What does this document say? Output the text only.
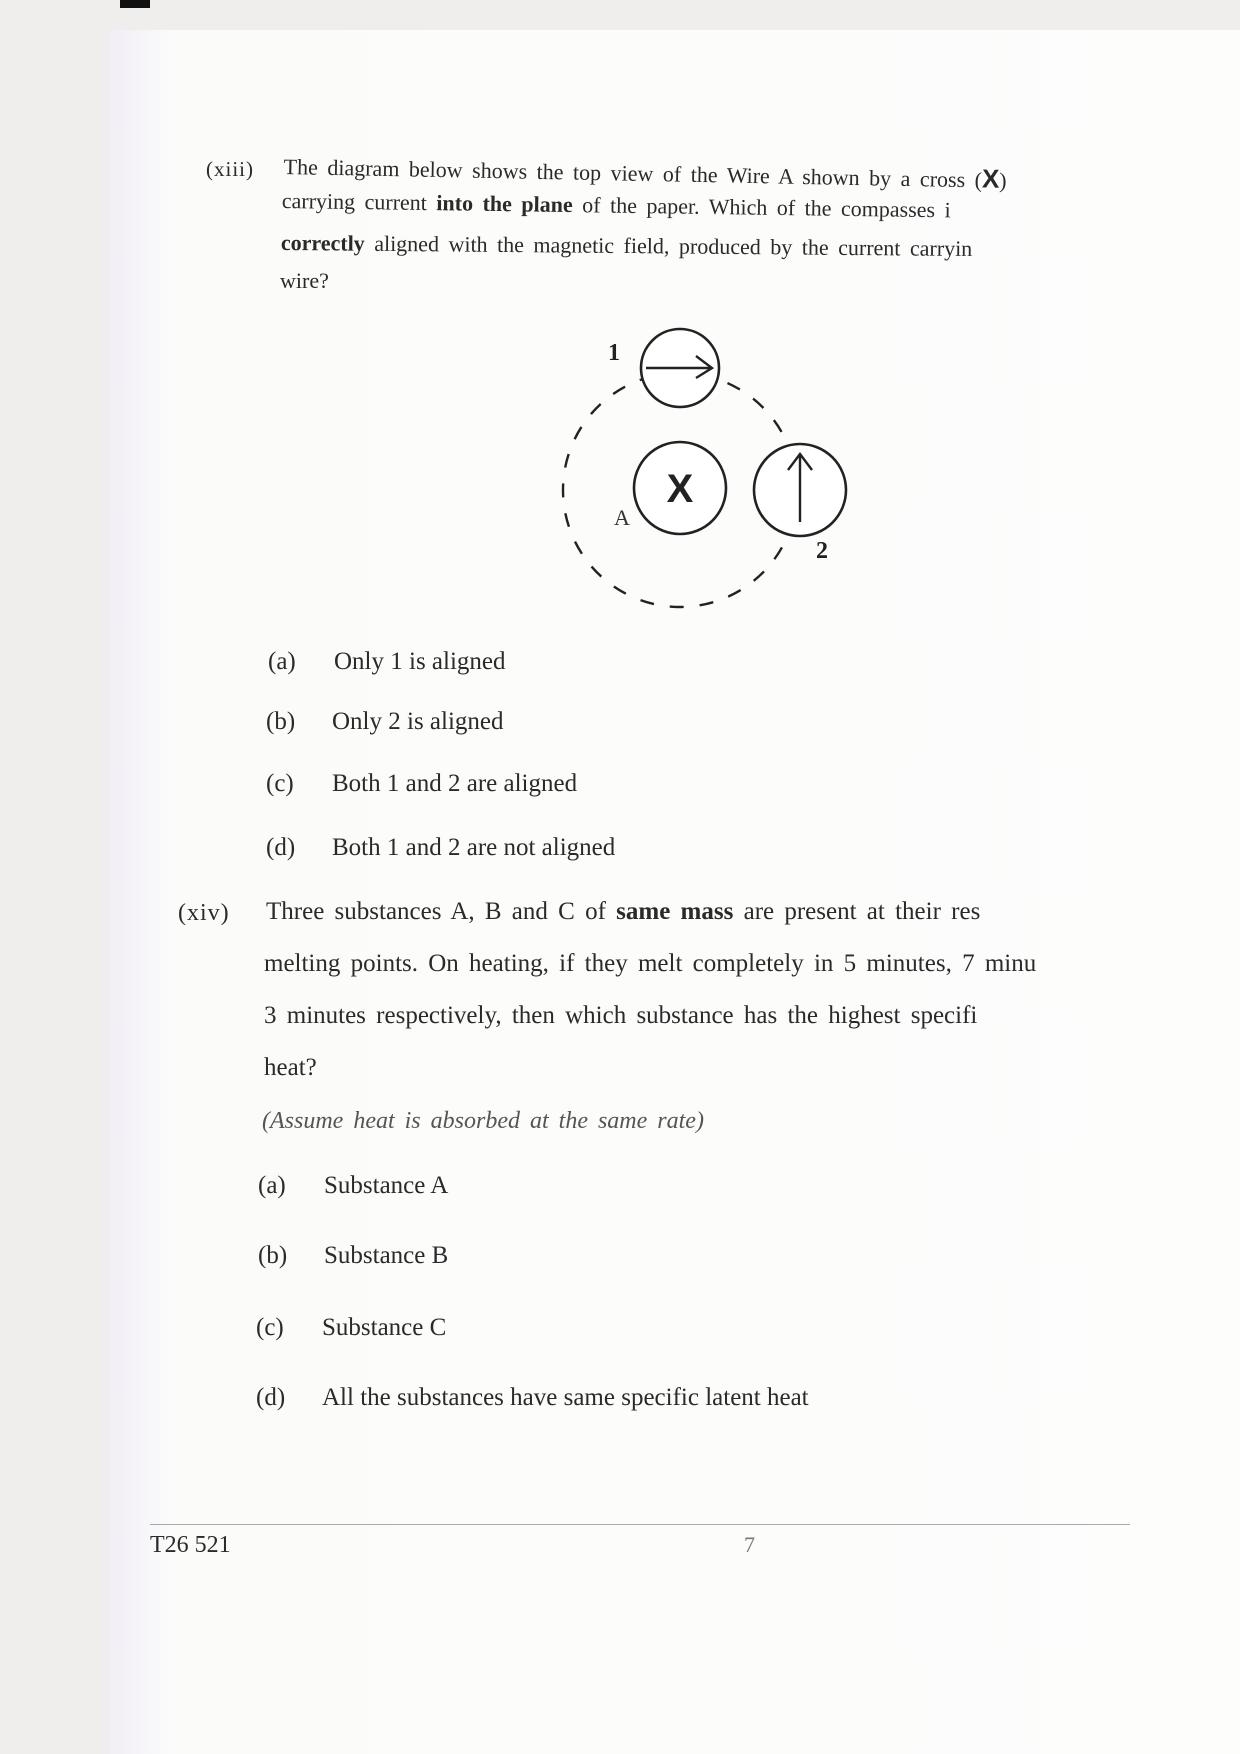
(xiii) The diagram below shows the top view of the Wire A shown by a cross (X)
carrying current into the plane of the paper. Which of the compasses i
correctly aligned with the magnetic field, produced by the current carryin
wire?
1
X
A
2
(a) Only 1 is aligned
(b) Only 2 is aligned
(c) Both 1 and 2 are aligned
(d) Both 1 and 2 are not aligned
(xiv) Three substances A, B and C of same mass are present at their res
melting points. On heating, if they melt completely in 5 minutes, 7 minu
3 minutes respectively, then which substance has the highest specifi
heat?
(Assume heat is absorbed at the same rate)
(a) Substance A
(b) Substance B
(c) Substance C
(d) All the substances have same specific latent heat
T26 521	7
